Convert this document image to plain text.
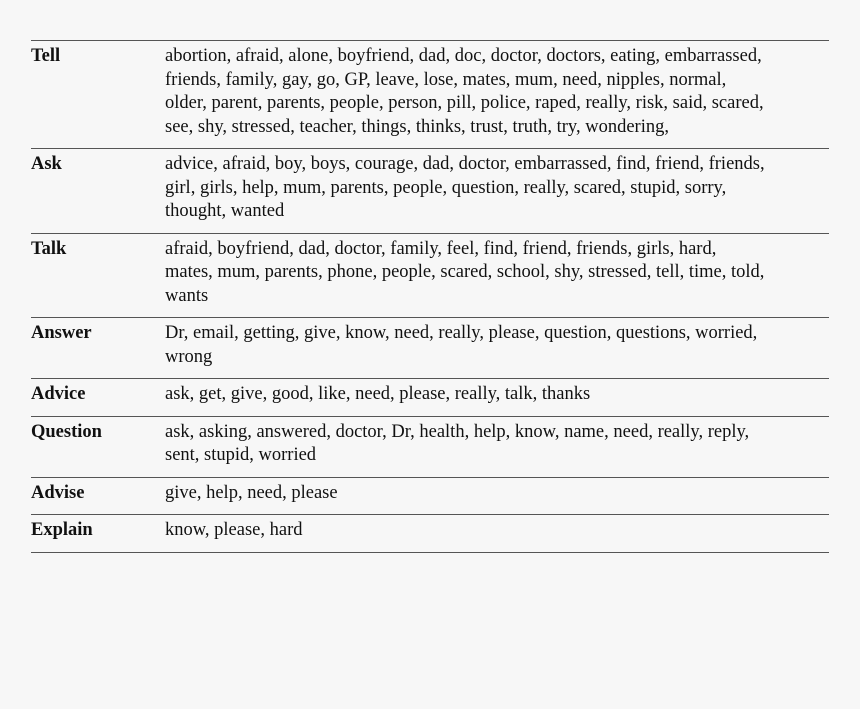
Tell	abortion, afraid, alone, boyfriend, dad, doc, doctor, doctors, eating, embarrassed,
friends, family, gay, go, GP, leave, lose, mates, mum, need, nipples, normal,
older, parent, parents, people, person, pill, police, raped, really, risk, said, scared,
see, shy, stressed, teacher, things, thinks, trust, truth, try, wondering,
Ask	advice, afraid, boy, boys, courage, dad, doctor, embarrassed, find, friend, friends,
girl, girls, help, mum, parents, people, question, really, scared, stupid, sorry,
thought, wanted
Talk	afraid, boyfriend, dad, doctor, family, feel, find, friend, friends, girls, hard,
mates, mum, parents, phone, people, scared, school, shy, stressed, tell, time, told,
wants
Answer	Dr, email, getting, give, know, need, really, please, question, questions, worried,
wrong
Advice	ask, get, give, good, like, need, please, really, talk, thanks
Question	ask, asking, answered, doctor, Dr, health, help, know, name, need, really, reply,
sent, stupid, worried
Advise	give, help, need, please
Explain	know, please, hard
